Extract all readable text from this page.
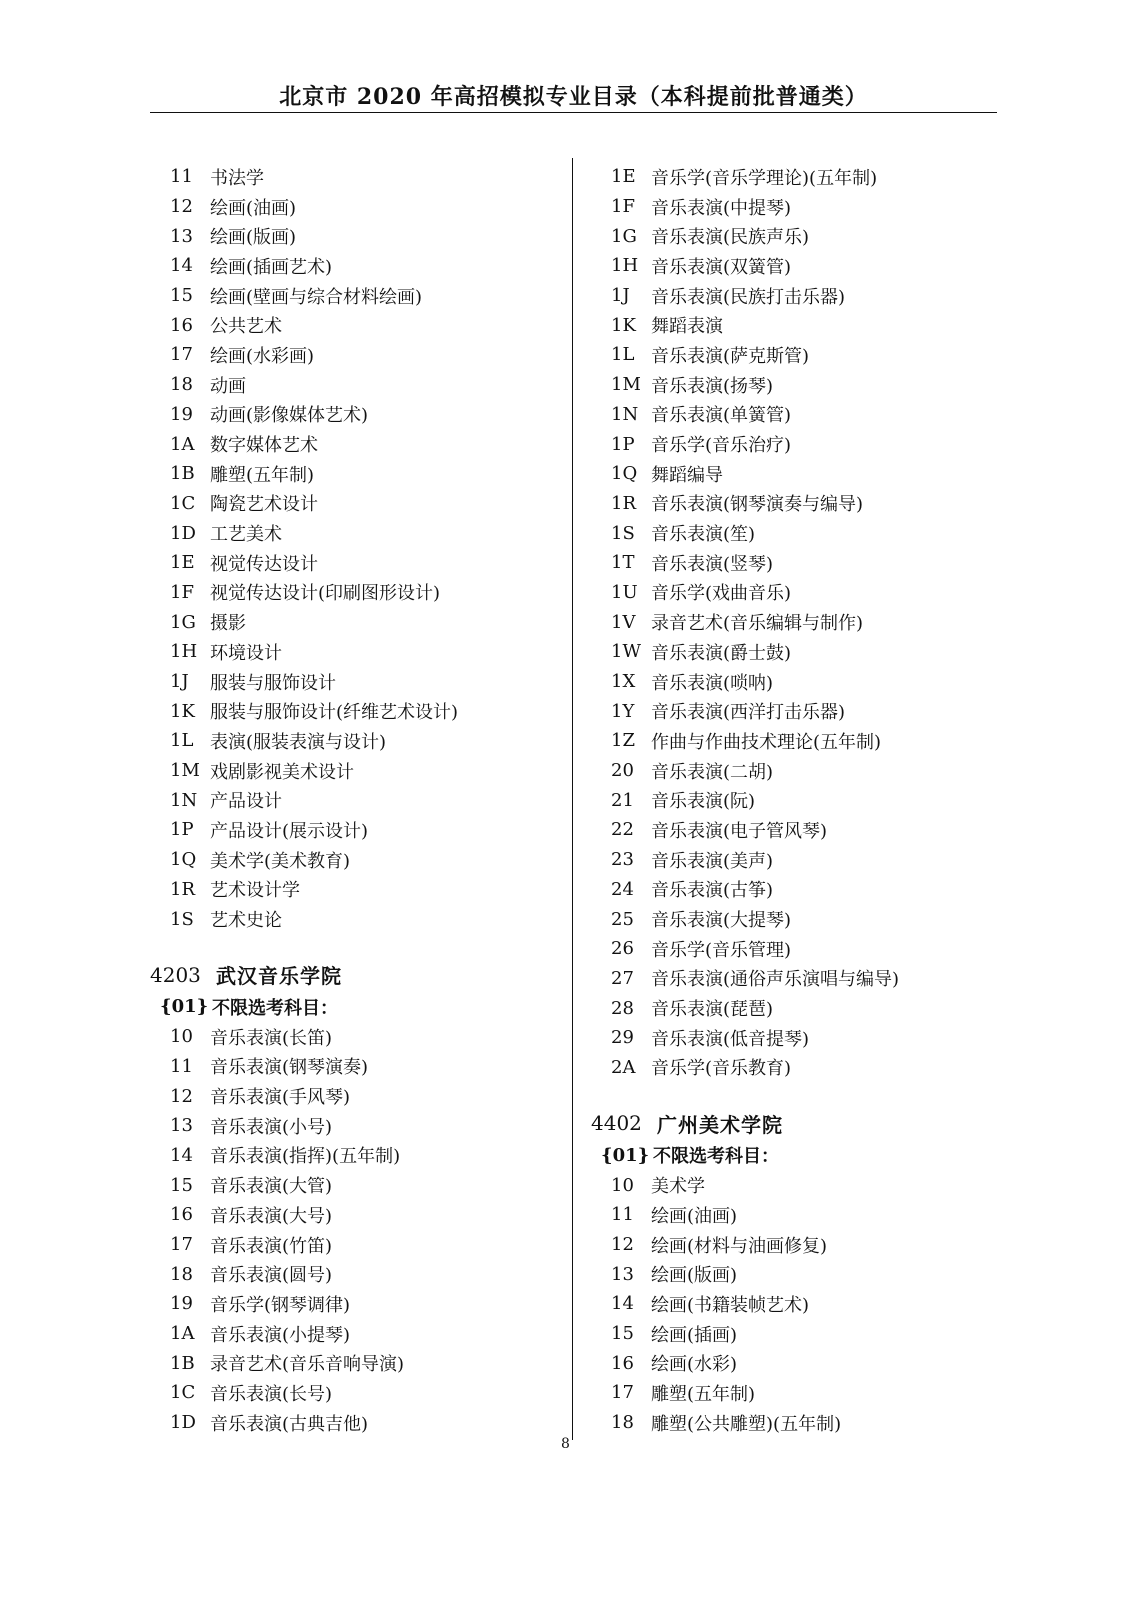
北京市 2020 年高招模拟专业目录（本科提前批普通类）
11 书法学
12 绘画(油画)
13 绘画(版画)
14 绘画(插画艺术)
15 绘画(壁画与综合材料绘画)
16 公共艺术
17 绘画(水彩画)
18 动画
19 动画(影像媒体艺术)
1A 数字媒体艺术
1B 雕塑(五年制)
1C 陶瓷艺术设计
1D 工艺美术
1E 视觉传达设计
1F 视觉传达设计(印刷图形设计)
1G 摄影
1H 环境设计
1J	服装与服饰设计
1K 服装与服饰设计(纤维艺术设计)
1L 表演(服装表演与设计)
1M 戏剧影视美术设计
1N 产品设计
1P 产品设计(展示设计)
1Q 美术学(美术教育)
1R 艺术设计学
1S 艺术史论
4203 武汉音乐学院
{01} 不限选考科目：
10 音乐表演(长笛)
11 音乐表演(钢琴演奏)
12 音乐表演(手风琴)
13 音乐表演(小号)
14 音乐表演(指挥)(五年制)
15 音乐表演(大管)
16 音乐表演(大号)
17 音乐表演(竹笛)
18 音乐表演(圆号)
19 音乐学(钢琴调律)
1A 音乐表演(小提琴)
1B 录音艺术(音乐音响导演)
1C 音乐表演(长号)
1D 音乐表演(古典吉他)
1E 音乐学(音乐学理论)(五年制)
1F 音乐表演(中提琴)
1G 音乐表演(民族声乐)
1H 音乐表演(双簧管)
1J	音乐表演(民族打击乐器)
1K 舞蹈表演
1L 音乐表演(萨克斯管)
1M 音乐表演(扬琴)
1N 音乐表演(单簧管)
1P 音乐学(音乐治疗)
1Q 舞蹈编导
1R 音乐表演(钢琴演奏与编导)
1S 音乐表演(笙)
1T 音乐表演(竖琴)
1U 音乐学(戏曲音乐)
1V 录音艺术(音乐编辑与制作)
1W 音乐表演(爵士鼓)
1X 音乐表演(唢呐)
1Y 音乐表演(西洋打击乐器)
1Z 作曲与作曲技术理论(五年制)
20 音乐表演(二胡)
21 音乐表演(阮)
22 音乐表演(电子管风琴)
23 音乐表演(美声)
24 音乐表演(古筝)
25 音乐表演(大提琴)
26 音乐学(音乐管理)
27 音乐表演(通俗声乐演唱与编导)
28 音乐表演(琵琶)
29 音乐表演(低音提琴)
2A 音乐学(音乐教育)
4402 广州美术学院
{01} 不限选考科目：
10 美术学
11 绘画(油画)
12 绘画(材料与油画修复)
13 绘画(版画)
14 绘画(书籍装帧艺术)
15 绘画(插画)
16 绘画(水彩)
17 雕塑(五年制)
18 雕塑(公共雕塑)(五年制)
8
